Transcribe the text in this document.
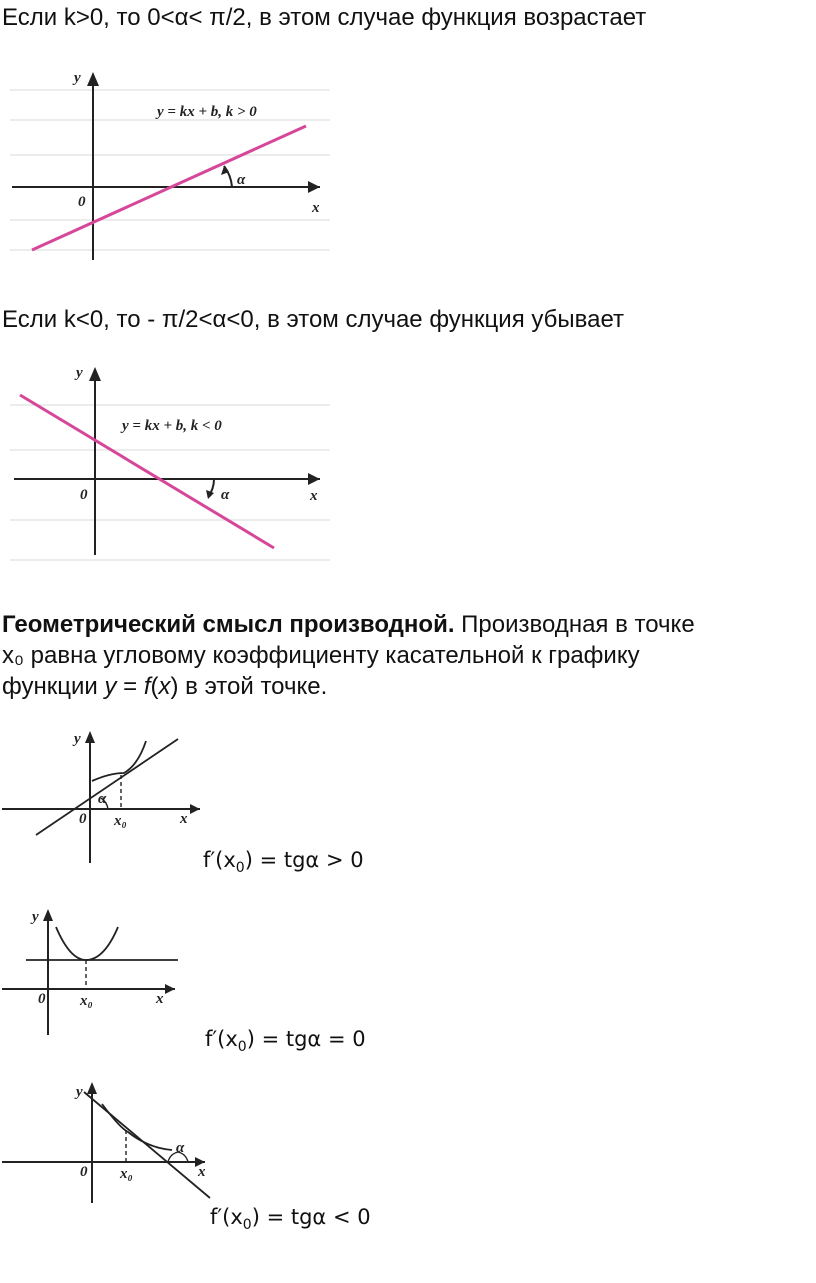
Если k>0, то 0<α< π/2, в этом случае функция возрастает
y
x
0
y = kx + b, k > 0
α
Если k<0, то - π/2<α<0, в этом случае функция убывает
y
x
0
y = kx + b, k < 0
α
Геометрический смысл производной. Производная в точке
x₀ равна угловому коэффициенту касательной к графику
функции y = f(x) в этой точке.
y
x
0 x₀
α
$f'(x_0) = tg\alpha > 0$
y
x
0 x₀
$f'(x_0) = tg\alpha = 0$
y
x
0 x₀
α
$f'(x_0) = tg\alpha < 0$
